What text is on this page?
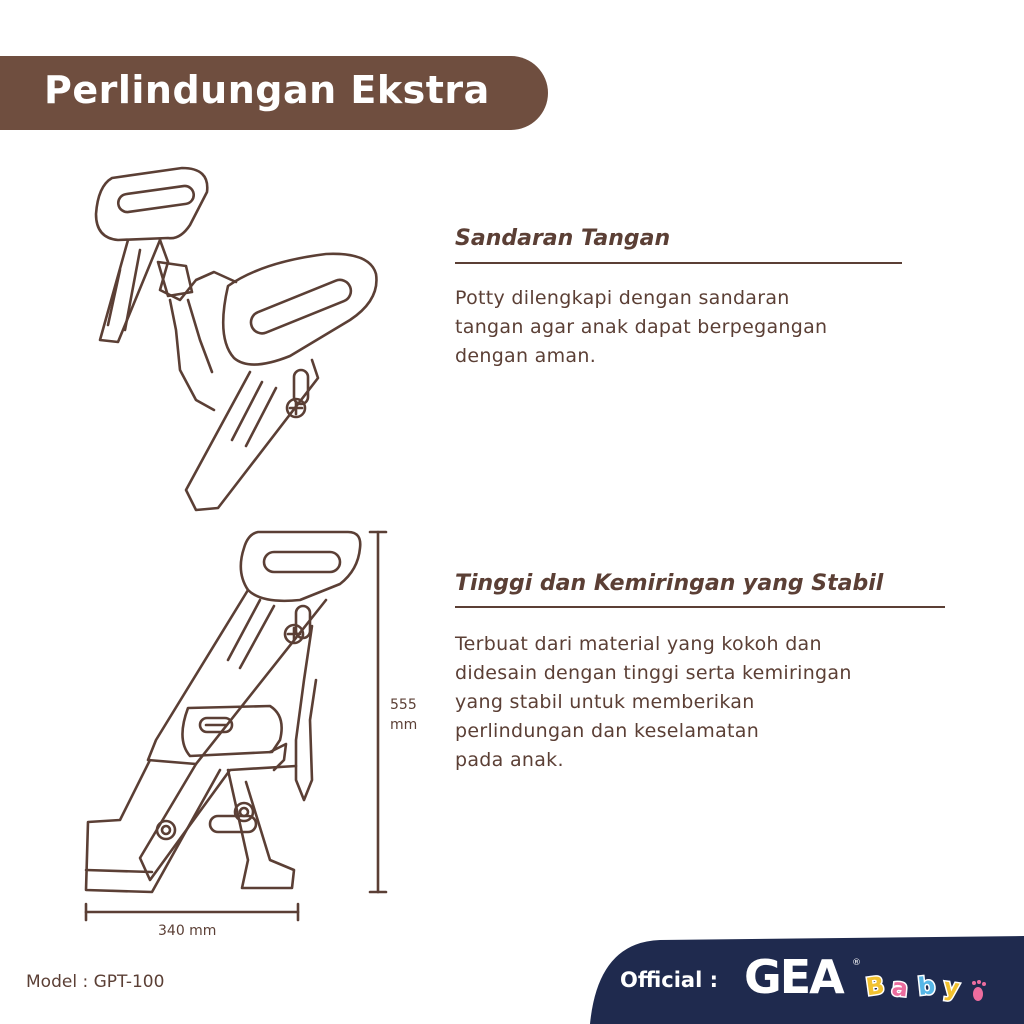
Perlindungan Ekstra
Sandaran Tangan
Potty dilengkapi dengan sandaran
tangan agar anak dapat berpegangan
dengan aman.
Tinggi dan Kemiringan yang Stabil
Terbuat dari material yang kokoh dan
didesain dengan tinggi serta kemiringan
yang stabil untuk memberikan
perlindungan dan keselamatan
pada anak.
555
mm
340 mm
Model : GPT-100	Official : GEA ®
B a b y
